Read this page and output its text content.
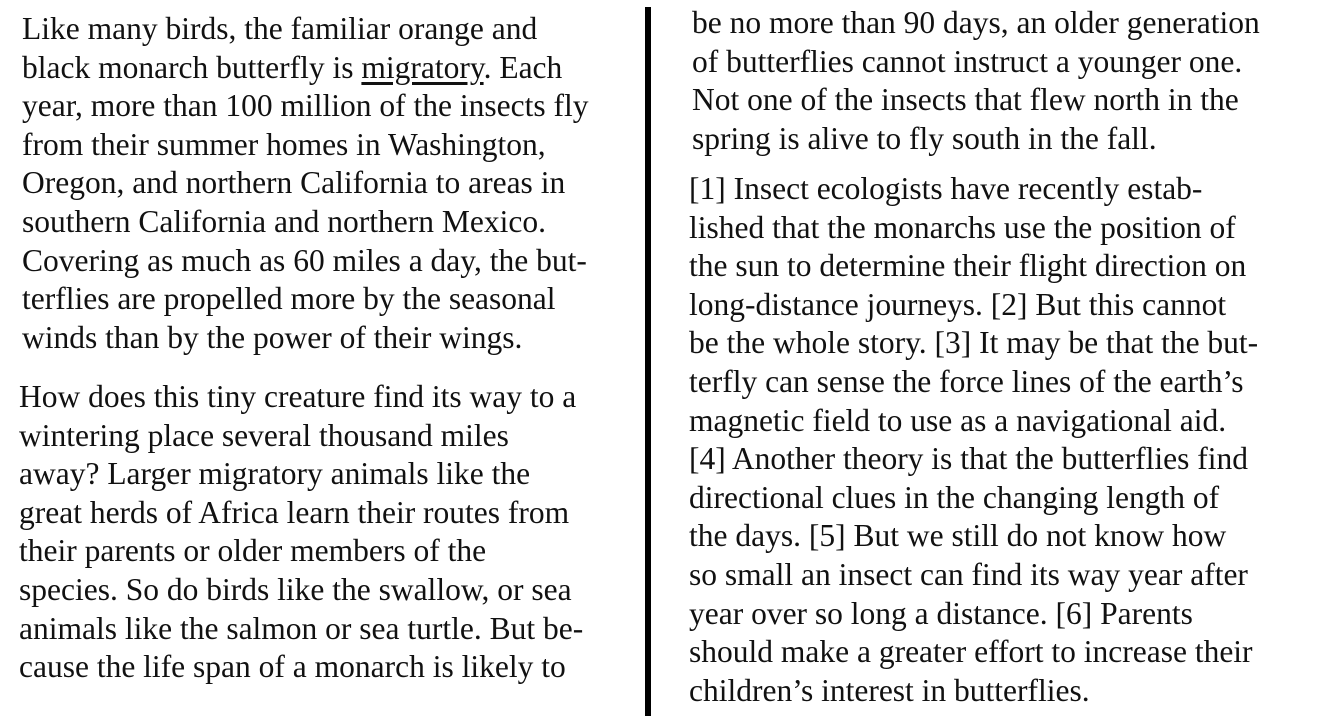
Like many birds, the familiar orange and
black monarch butterfly is migratory. Each
year, more than 100 million of the insects fly
from their summer homes in Washington,
Oregon, and northern California to areas in
southern California and northern Mexico.
Covering as much as 60 miles a day, the but-
terflies are propelled more by the seasonal
winds than by the power of their wings.
How does this tiny creature find its way to a
wintering place several thousand miles
away? Larger migratory animals like the
great herds of Africa learn their routes from
their parents or older members of the
species. So do birds like the swallow, or sea
animals like the salmon or sea turtle. But be-
cause the life span of a monarch is likely to
be no more than 90 days, an older generation
of butterflies cannot instruct a younger one.
Not one of the insects that flew north in the
spring is alive to fly south in the fall.
[1] Insect ecologists have recently estab-
lished that the monarchs use the position of
the sun to determine their flight direction on
long-distance journeys. [2] But this cannot
be the whole story. [3] It may be that the but-
terfly can sense the force lines of the earth’s
magnetic field to use as a navigational aid.
[4] Another theory is that the butterflies find
directional clues in the changing length of
the days. [5] But we still do not know how
so small an insect can find its way year after
year over so long a distance. [6] Parents
should make a greater effort to increase their
children’s interest in butterflies.
